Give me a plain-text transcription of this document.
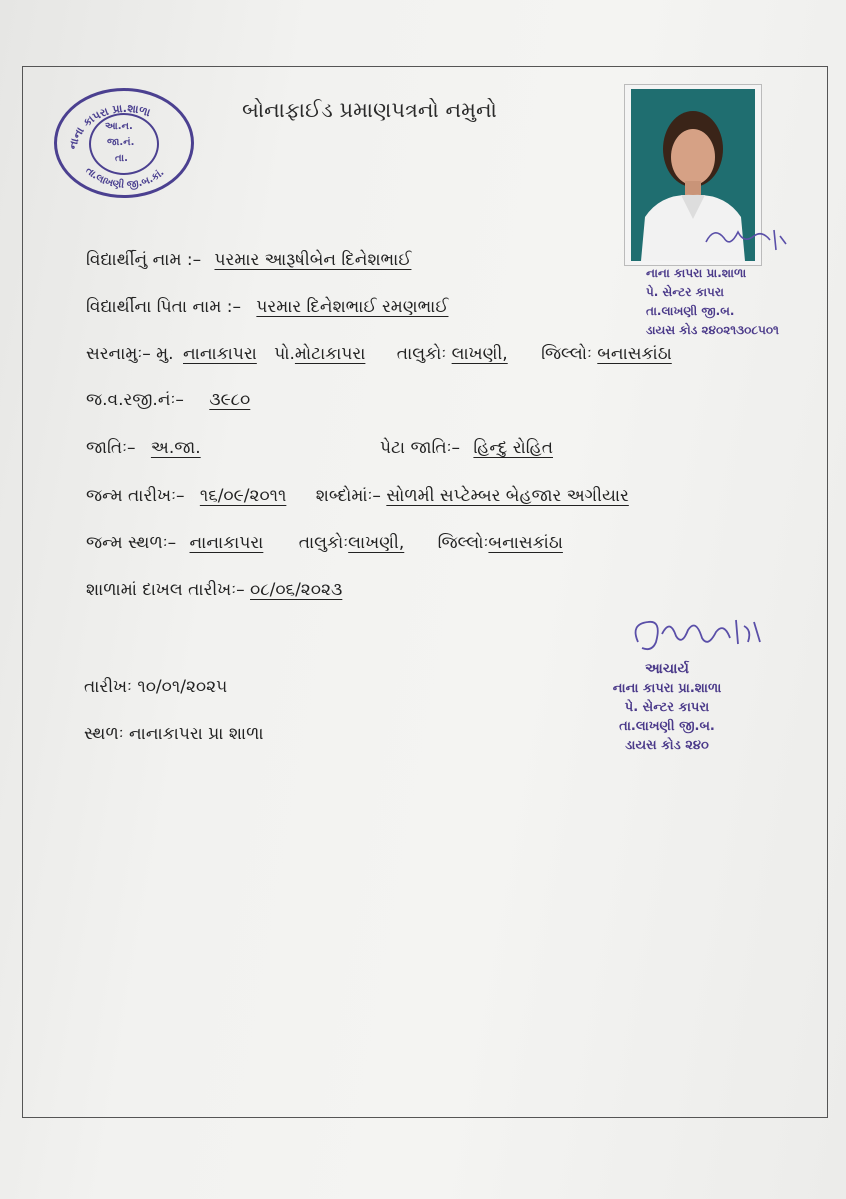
નાના કાપરા પ્રા.શાળા
તા.લાખણી જી.બ.કાં.
આ.ન.
જા.નં.
તા.
બોનાફાઈડ પ્રમાણપત્રનો નમુનો
નાના કાપરા પ્રા.શાળા
પે. સેન્ટર કાપરા
તા.લાખણી જી.બ.
ડાયસ કોડ ૨૪૦૨૧૩૦૮૫૦૧
વિદ્યાર્થીનું નામ :– પરમાર આરૂષીબેન દિનેશભાઈ
વિદ્યાર્થીના પિતા નામ :– પરમાર દિનેશભાઈ રમણભાઈ
સરનામુઃ– મુ. નાનાકાપરા પો.મોટાકાપરા તાલુકોઃ લાખણી, જિલ્લોઃ બનાસકાંઠા
જ.વ.રજી.નંઃ– ૩૯૮૦
જાતિઃ– અ.જા.	પેટા જાતિઃ– હિન્દુ રોહિત
જન્મ તારીખઃ– ૧૬/૦૯/૨૦૧૧ શબ્દોમાંઃ– સોળમી સપ્ટેમ્બર બેહજાર અગીયાર
જન્મ સ્થળઃ– નાનાકાપરા તાલુકોઃલાખણી, જિલ્લોઃબનાસકાંઠા
શાળામાં દાખલ તારીખઃ– ૦૮/૦૬/૨૦૨૩
આચાર્ય
નાના કાપરા પ્રા.શાળા
પે. સેન્ટર કાપરા
તા.લાખણી જી.બ.
ડાયસ કોડ ૨૪૦
તારીખઃ ૧૦/૦૧/૨૦૨૫
સ્થળઃ નાનાકાપરા પ્રા શાળા
